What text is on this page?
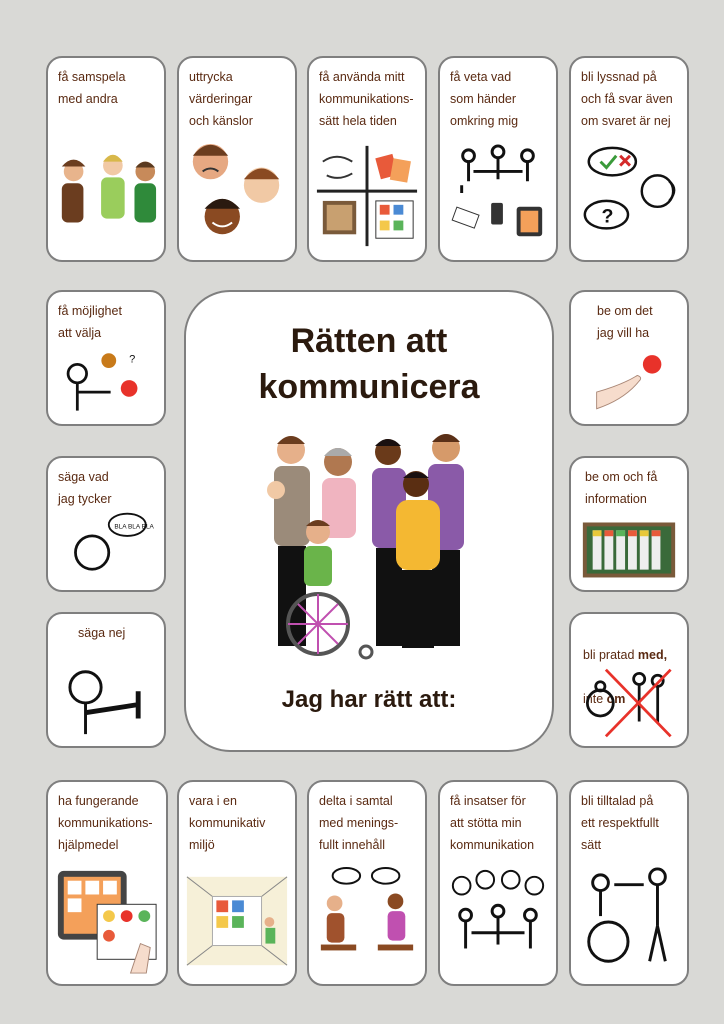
få samspela
med andra
uttrycka
värderingar
och känslor
få använda mitt
kommunikations-
sätt hela tiden
få veta vad
som händer
omkring mig
bli lyssnad på
och få svar även
om svaret är nej
?
få möjlighet
att välja
?
säga vad
jag tycker
BLA BLA BLA
säga nej
be om det
jag vill ha
be om och få
information

bli pratad med,

inte om

Rätten att
kommunicera
Jag har rätt att:
ha fungerande
kommunikations-
hjälpmedel
vara i en
kommunikativ
miljö
delta i samtal
med menings-
fullt innehåll
få insatser för
att stötta min
kommunikation
bli tilltalad på
ett respektfullt
sätt
